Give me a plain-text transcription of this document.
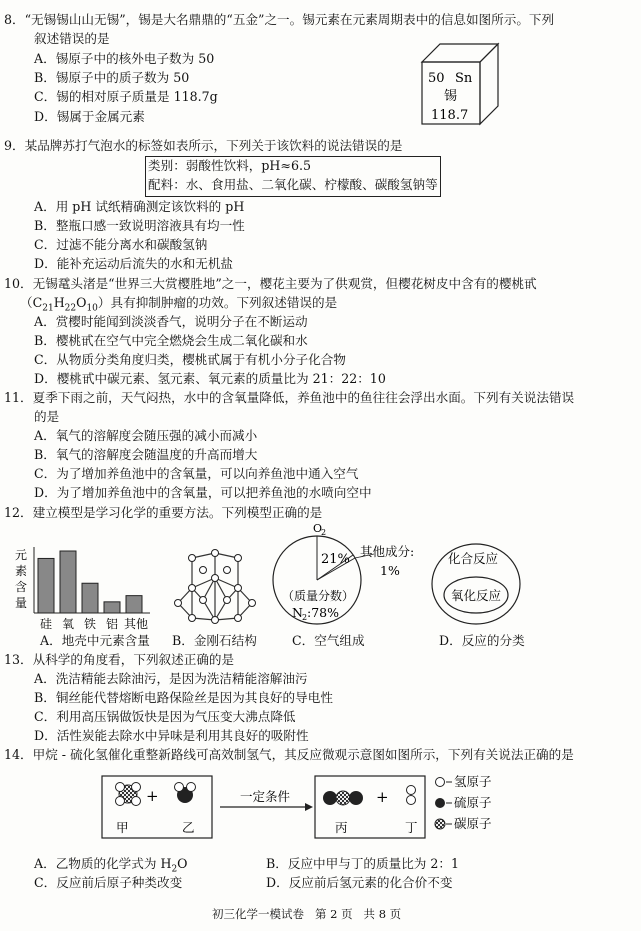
8．“无锡锡山山无锡”，锡是大名鼎鼎的“五金”之一。锡元素在元素周期表中的信息如图所示。下列
叙述错误的是
A．锡原子中的核外电子数为 50
B．锡原子中的质子数为 50
C．锡的相对原子质量是 118.7g
D．锡属于金属元素
50 Sn
锡
118.7
9．某品牌苏打气泡水的标签如表所示，下列关于该饮料的说法错误的是
类别：弱酸性饮料，pH≈6.5
配料：水、食用盐、二氧化碳、柠檬酸、碳酸氢钠等
A．用 pH 试纸精确测定该饮料的 pH
B．整瓶口感一致说明溶液具有均一性
C．过滤不能分离水和碳酸氢钠
D．能补充运动后流失的水和无机盐
10．无锡鼋头渚是“世界三大赏樱胜地”之一，樱花主要为了供观赏，但樱花树皮中含有的樱桃甙
$(C_{21}H_{22}O_{10})$具有抑制肿瘤的功效。下列叙述错误的是
A．赏樱时能闻到淡淡香气，说明分子在不断运动
B．樱桃甙在空气中完全燃烧会生成二氧化碳和水
C．从物质分类角度归类，樱桃甙属于有机小分子化合物
D．樱桃甙中碳元素、氢元素、氧元素的质量比为 21：22：10
11．夏季下雨之前，天气闷热，水中的含氧量降低，养鱼池中的鱼往往会浮出水面。下列有关说法错误
的是
A．氧气的溶解度会随压强的减小而减小
B．氧气的溶解度会随温度的升高而增大
C．为了增加养鱼池中的含氧量，可以向养鱼池中通入空气
D．为了增加养鱼池中的含氧量，可以把养鱼池的水喷向空中
12．建立模型是学习化学的重要方法。下列模型正确的是
元
素
含
量
硅 氧 铁 铝 其他
O
2
21%
其他成分:
1%
（质量分数）
N 2 :78%
化合反应
氧化反应
A．地壳中元素含量 B．金刚石结构	C．空气组成	D．反应的分类
13．从科学的角度看，下列叙述正确的是
A．洗洁精能去除油污，是因为洗洁精能溶解油污
B．铜丝能代替熔断电路保险丝是因为其良好的导电性
C．利用高压锅做饭快是因为气压变大沸点降低
D．活性炭能去除水中异味是利用其良好的吸附性
14．甲烷 - 硫化氢催化重整新路线可高效制氢气，其反应微观示意图如图所示，下列有关说法正确的是
+
甲	乙
一定条件	+
丙	丁
氢原子
硫原子
碳原子
A．乙物质的化学式为 $H_2O$	B．反应中甲与丁的质量比为 2：1
C．反应前后原子种类改变	D．反应前后氢元素的化合价不变
初三化学一模试卷   第 2 页   共 8 页
